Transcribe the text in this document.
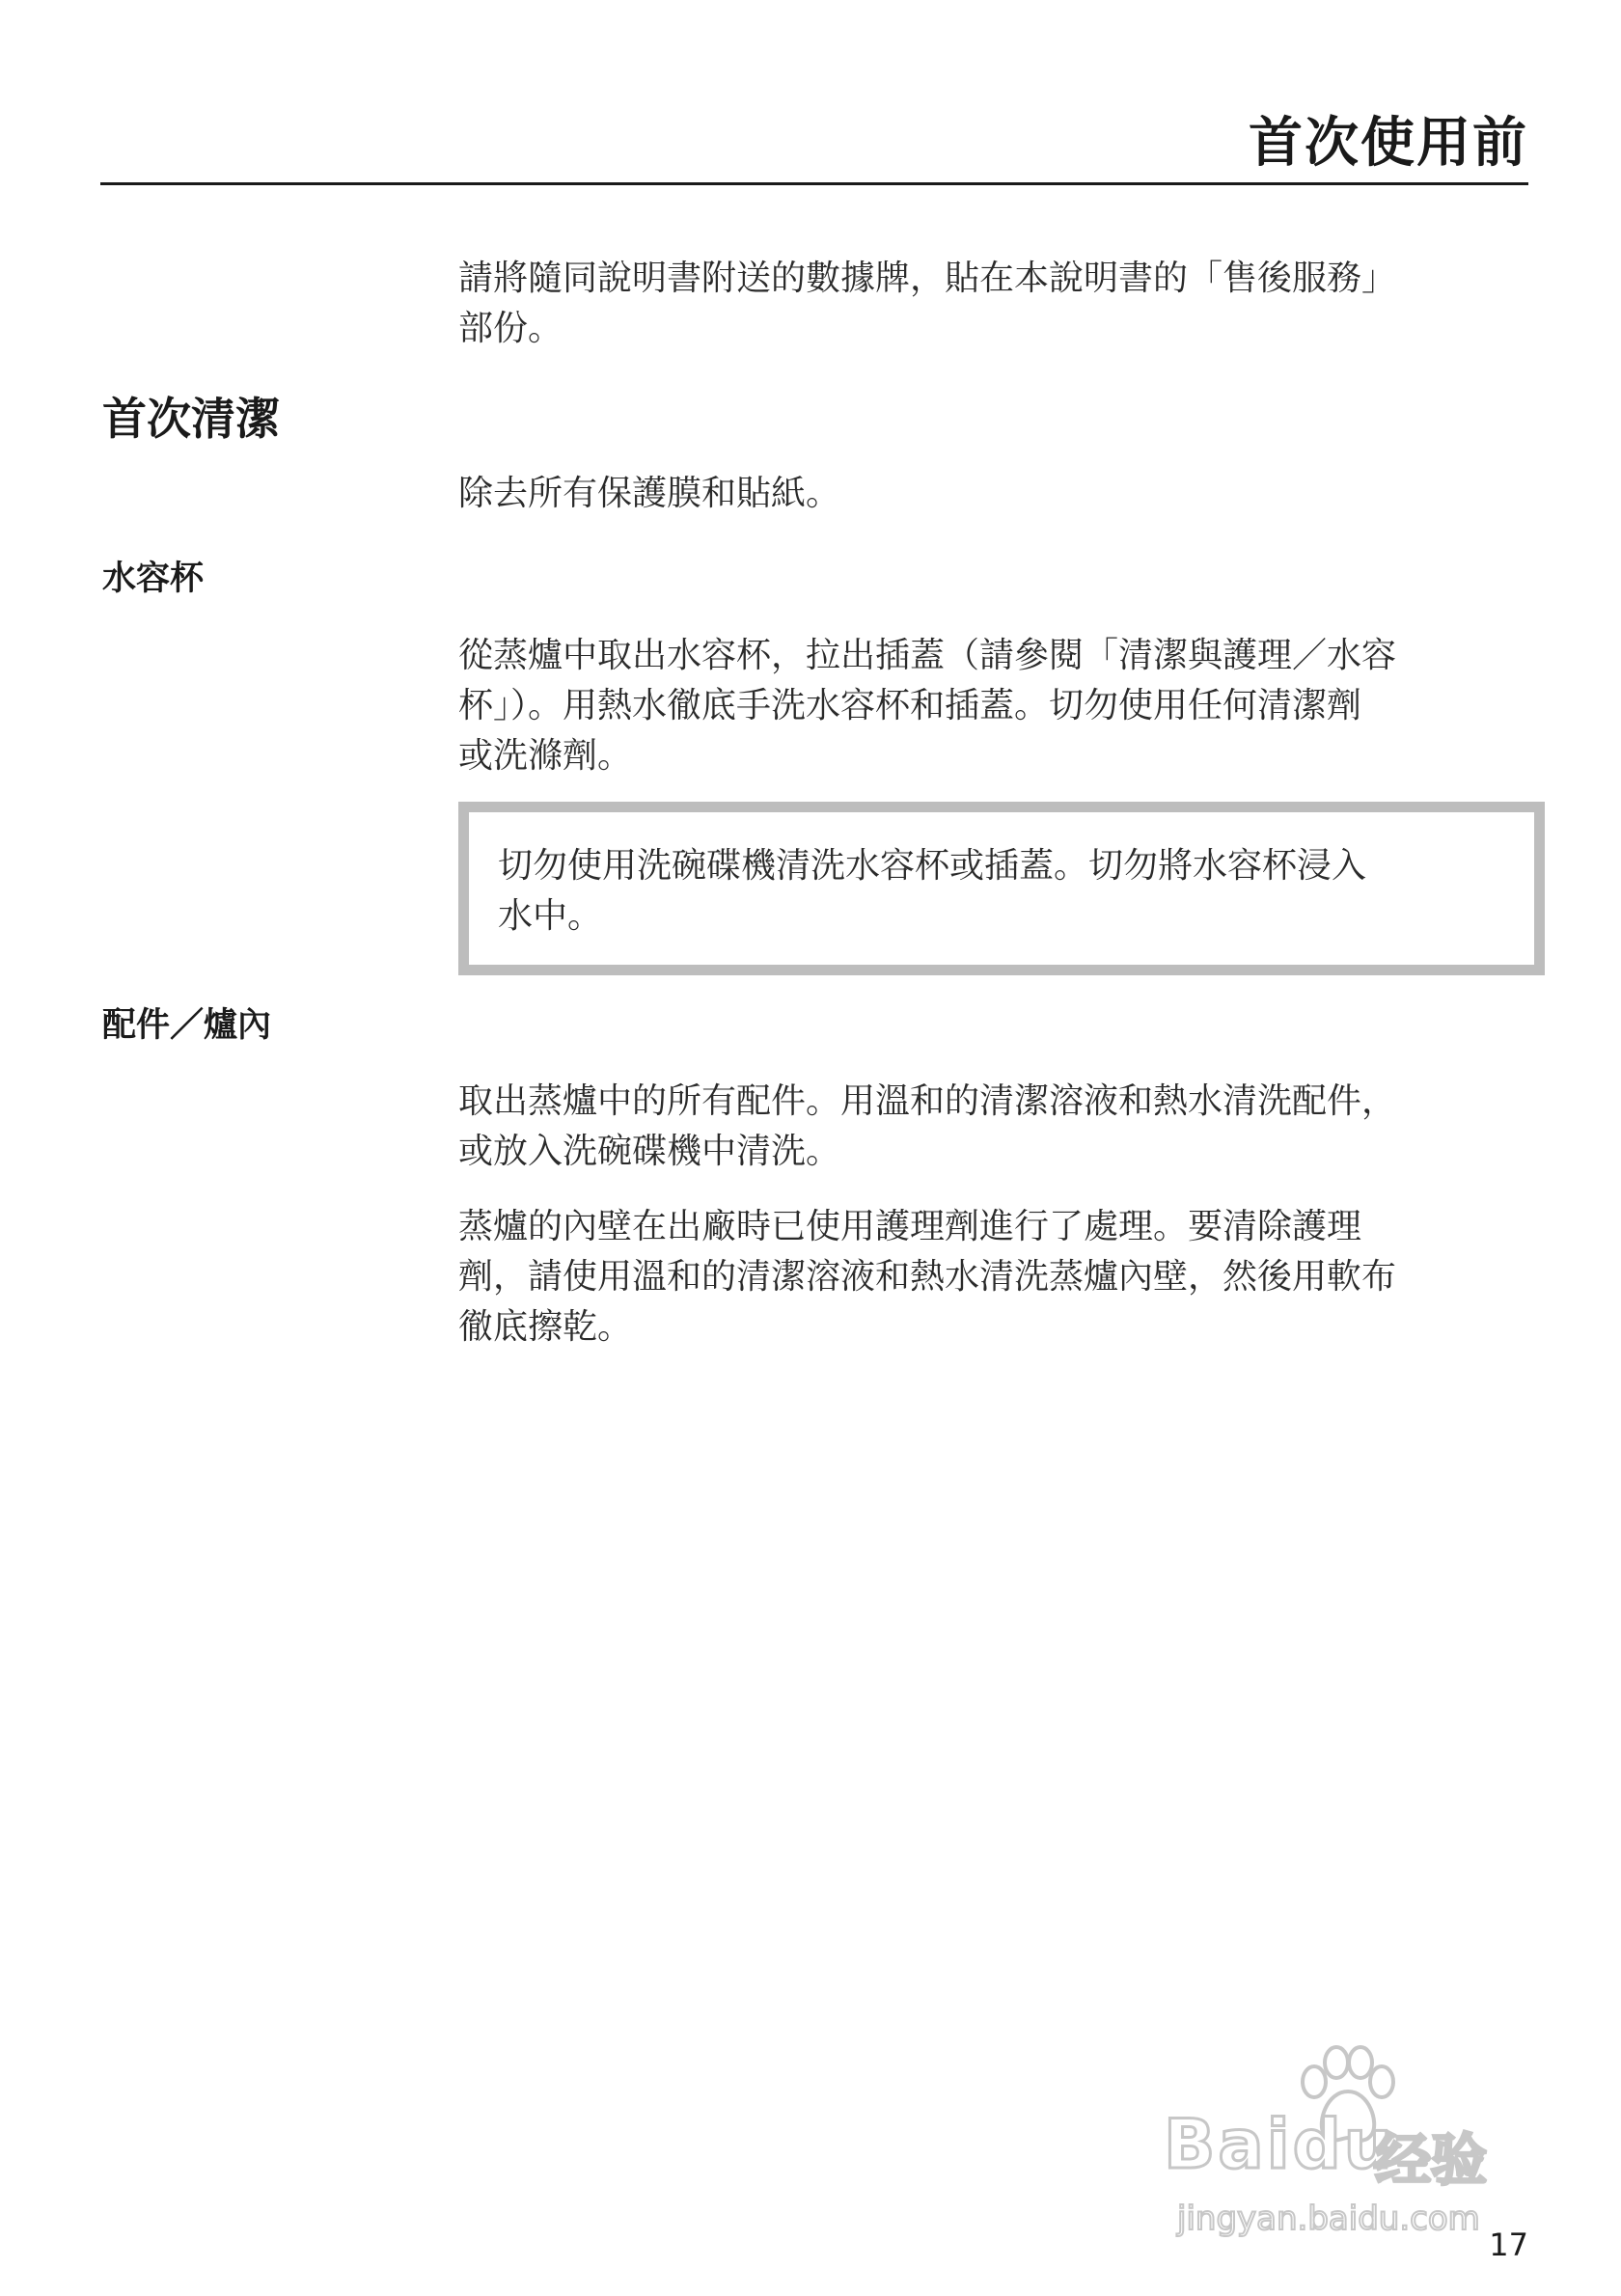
首次使用前

請將隨同說明書附送的數據牌，貼在本說明書的「售後服務」

部份。

首次清潔

除去所有保護膜和貼紙。

水容杯

從蒸爐中取出水容杯，拉出插蓋（請參閱「清潔與護理／水容

杯」）。用熱水徹底手洗水容杯和插蓋。切勿使用任何清潔劑

或洗滌劑。

切勿使用洗碗碟機清洗水容杯或插蓋。切勿將水容杯浸入

水中。

配件／爐內

取出蒸爐中的所有配件。用溫和的清潔溶液和熱水清洗配件，

或放入洗碗碟機中清洗。

蒸爐的內壁在出廠時已使用護理劑進行了處理。要清除護理

劑，請使用溫和的清潔溶液和熱水清洗蒸爐內壁，然後用軟布

徹底擦乾。

Baidu
经验
jingyan.baidu.com
17
